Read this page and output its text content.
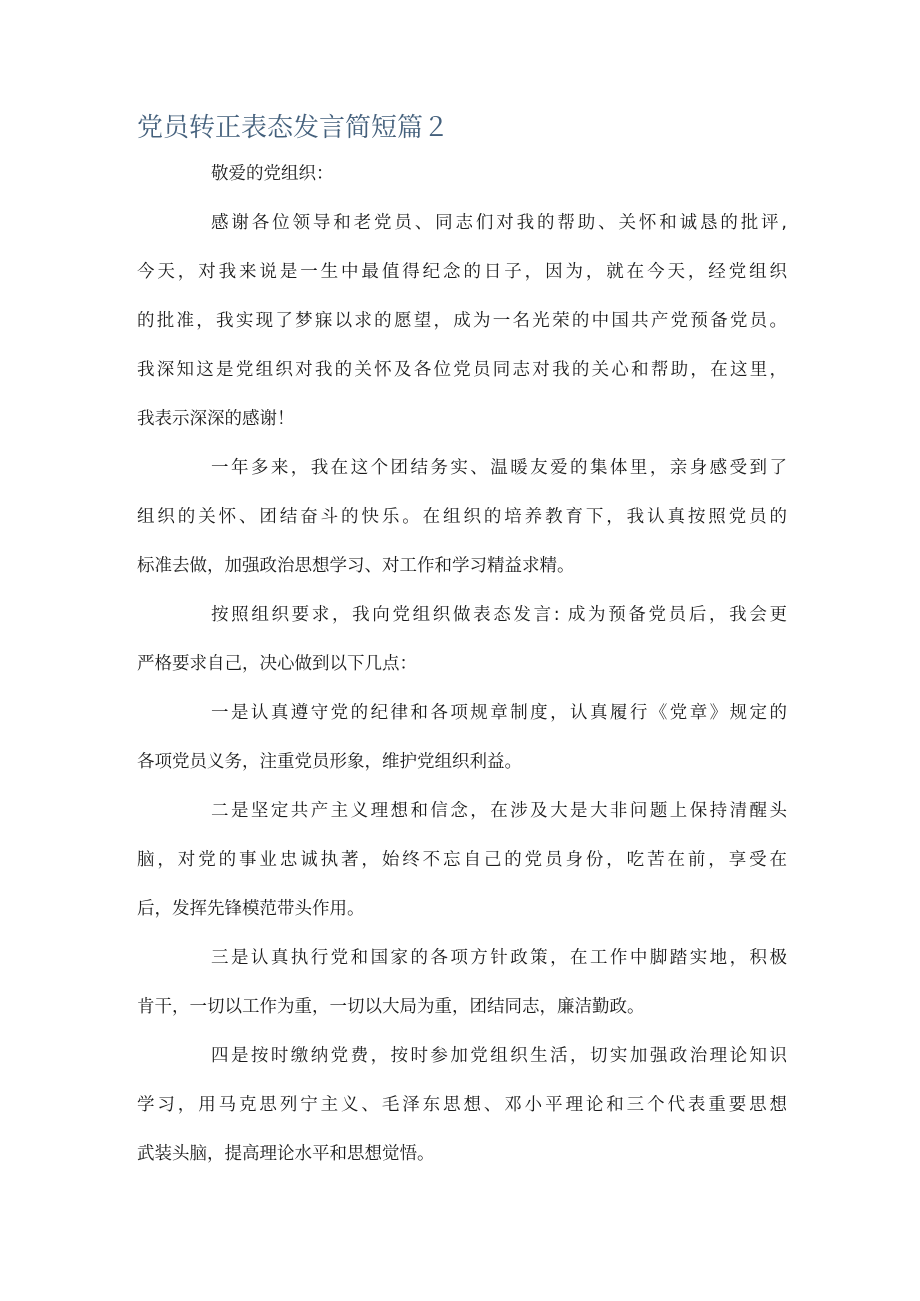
党员转正表态发言简短篇２

敬爱的党组织：

感谢各位领导和老党员、同志们对我的帮助、关怀和诚恳的批评,
今天，对我来说是一生中最值得纪念的日子，因为，就在今天，经党组织
的批准，我实现了梦寐以求的愿望，成为一名光荣的中国共产党预备党员。
我深知这是党组织对我的关怀及各位党员同志对我的关心和帮助，在这里，
我表示深深的感谢！

一年多来，我在这个团结务实、温暖友爱的集体里，亲身感受到了
组织的关怀、团结奋斗的快乐。在组织的培养教育下，我认真按照党员的
标准去做，加强政治思想学习、对工作和学习精益求精。

按照组织要求，我向党组织做表态发言: 成为预备党员后，我会更
严格要求自己，决心做到以下几点：

一是认真遵守党的纪律和各项规章制度，认真履行《党章》规定的
各项党员义务，注重党员形象，维护党组织利益。

二是坚定共产主义理想和信念，在涉及大是大非问题上保持清醒头
脑，对党的事业忠诚执著，始终不忘自己的党员身份，吃苦在前，享受在
后，发挥先锋模范带头作用。

三是认真执行党和国家的各项方针政策，在工作中脚踏实地，积极
肯干，一切以工作为重，一切以大局为重，团结同志，廉洁勤政。

四是按时缴纳党费，按时参加党组织生活，切实加强政治理论知识
学习，用马克思列宁主义、毛泽东思想、邓小平理论和三个代表重要思想
武装头脑，提高理论水平和思想觉悟。
